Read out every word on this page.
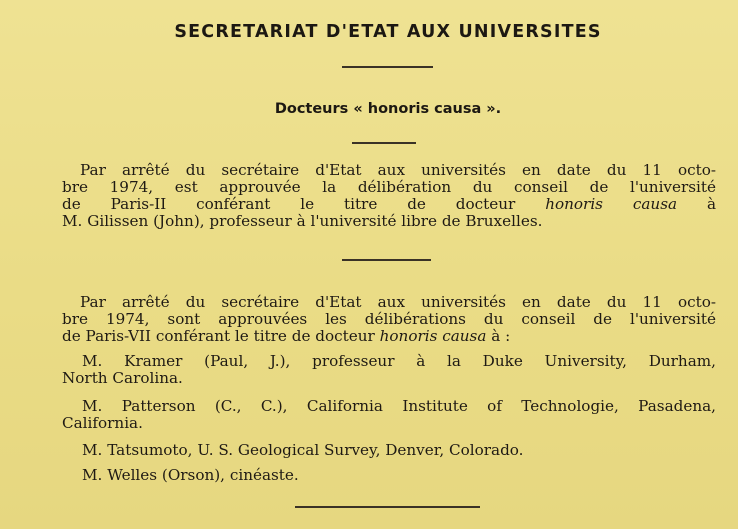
SECRETARIAT D'ETAT AUX UNIVERSITES
Docteurs « honoris causa ».
Par arrêté du secrétaire d'Etat aux universités en date du 11 octo-
bre 1974, est approuvée la délibération du conseil de l'université
de Paris-II conférant le titre de docteur honoris causa à
M. Gilissen (John), professeur à l'université libre de Bruxelles.
Par arrêté du secrétaire d'Etat aux universités en date du 11 octo-
bre 1974, sont approuvées les délibérations du conseil de l'université
de Paris-VII conférant le titre de docteur honoris causa à :
M. Kramer (Paul, J.), professeur à la Duke University, Durham,
North Carolina.
M. Patterson (C., C.), California Institute of Technologie, Pasadena,
California.
M. Tatsumoto, U. S. Geological Survey, Denver, Colorado.
M. Welles (Orson), cinéaste.
